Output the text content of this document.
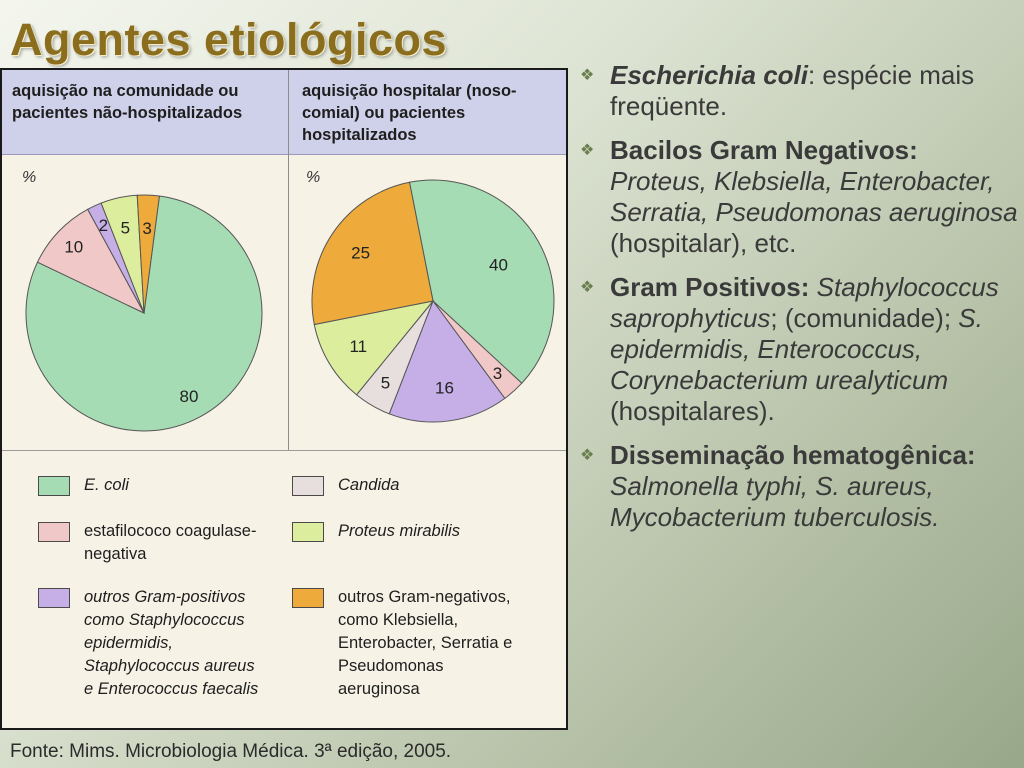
Agentes etiológicos
aquisição na comunidade ou
pacientes não-hospitalizados
aquisição hospitalar (noso-
comial) ou pacientes
hospitalizados
%
80
10
2 5 3
%
40
3
16
5
11
25
E. coli
estafilococo coagulase-
negativa
outros Gram-positivos
como Staphylococcus
epidermidis,
Staphylococcus aureus
e Enterococcus faecalis
Candida
Proteus mirabilis
outros Gram-negativos,
como Klebsiella,
Enterobacter, Serratia e
Pseudomonas
aeruginosa
Fonte: Mims. Microbiologia Médica. 3ª edição, 2005.
❖ Escherichia coli: espécie mais freqüente.
❖ Bacilos Gram Negativos: Proteus, Klebsiella, Enterobacter, Serratia, Pseudomonas aeruginosa (hospitalar), etc.
❖ Gram Positivos: Staphylococcus saprophyticus; (comunidade); S. epidermidis, Enterococcus, Corynebacterium urealyticum (hospitalares).
❖ Disseminação hematogênica: Salmonella typhi, S. aureus, Mycobacterium tuberculosis.
